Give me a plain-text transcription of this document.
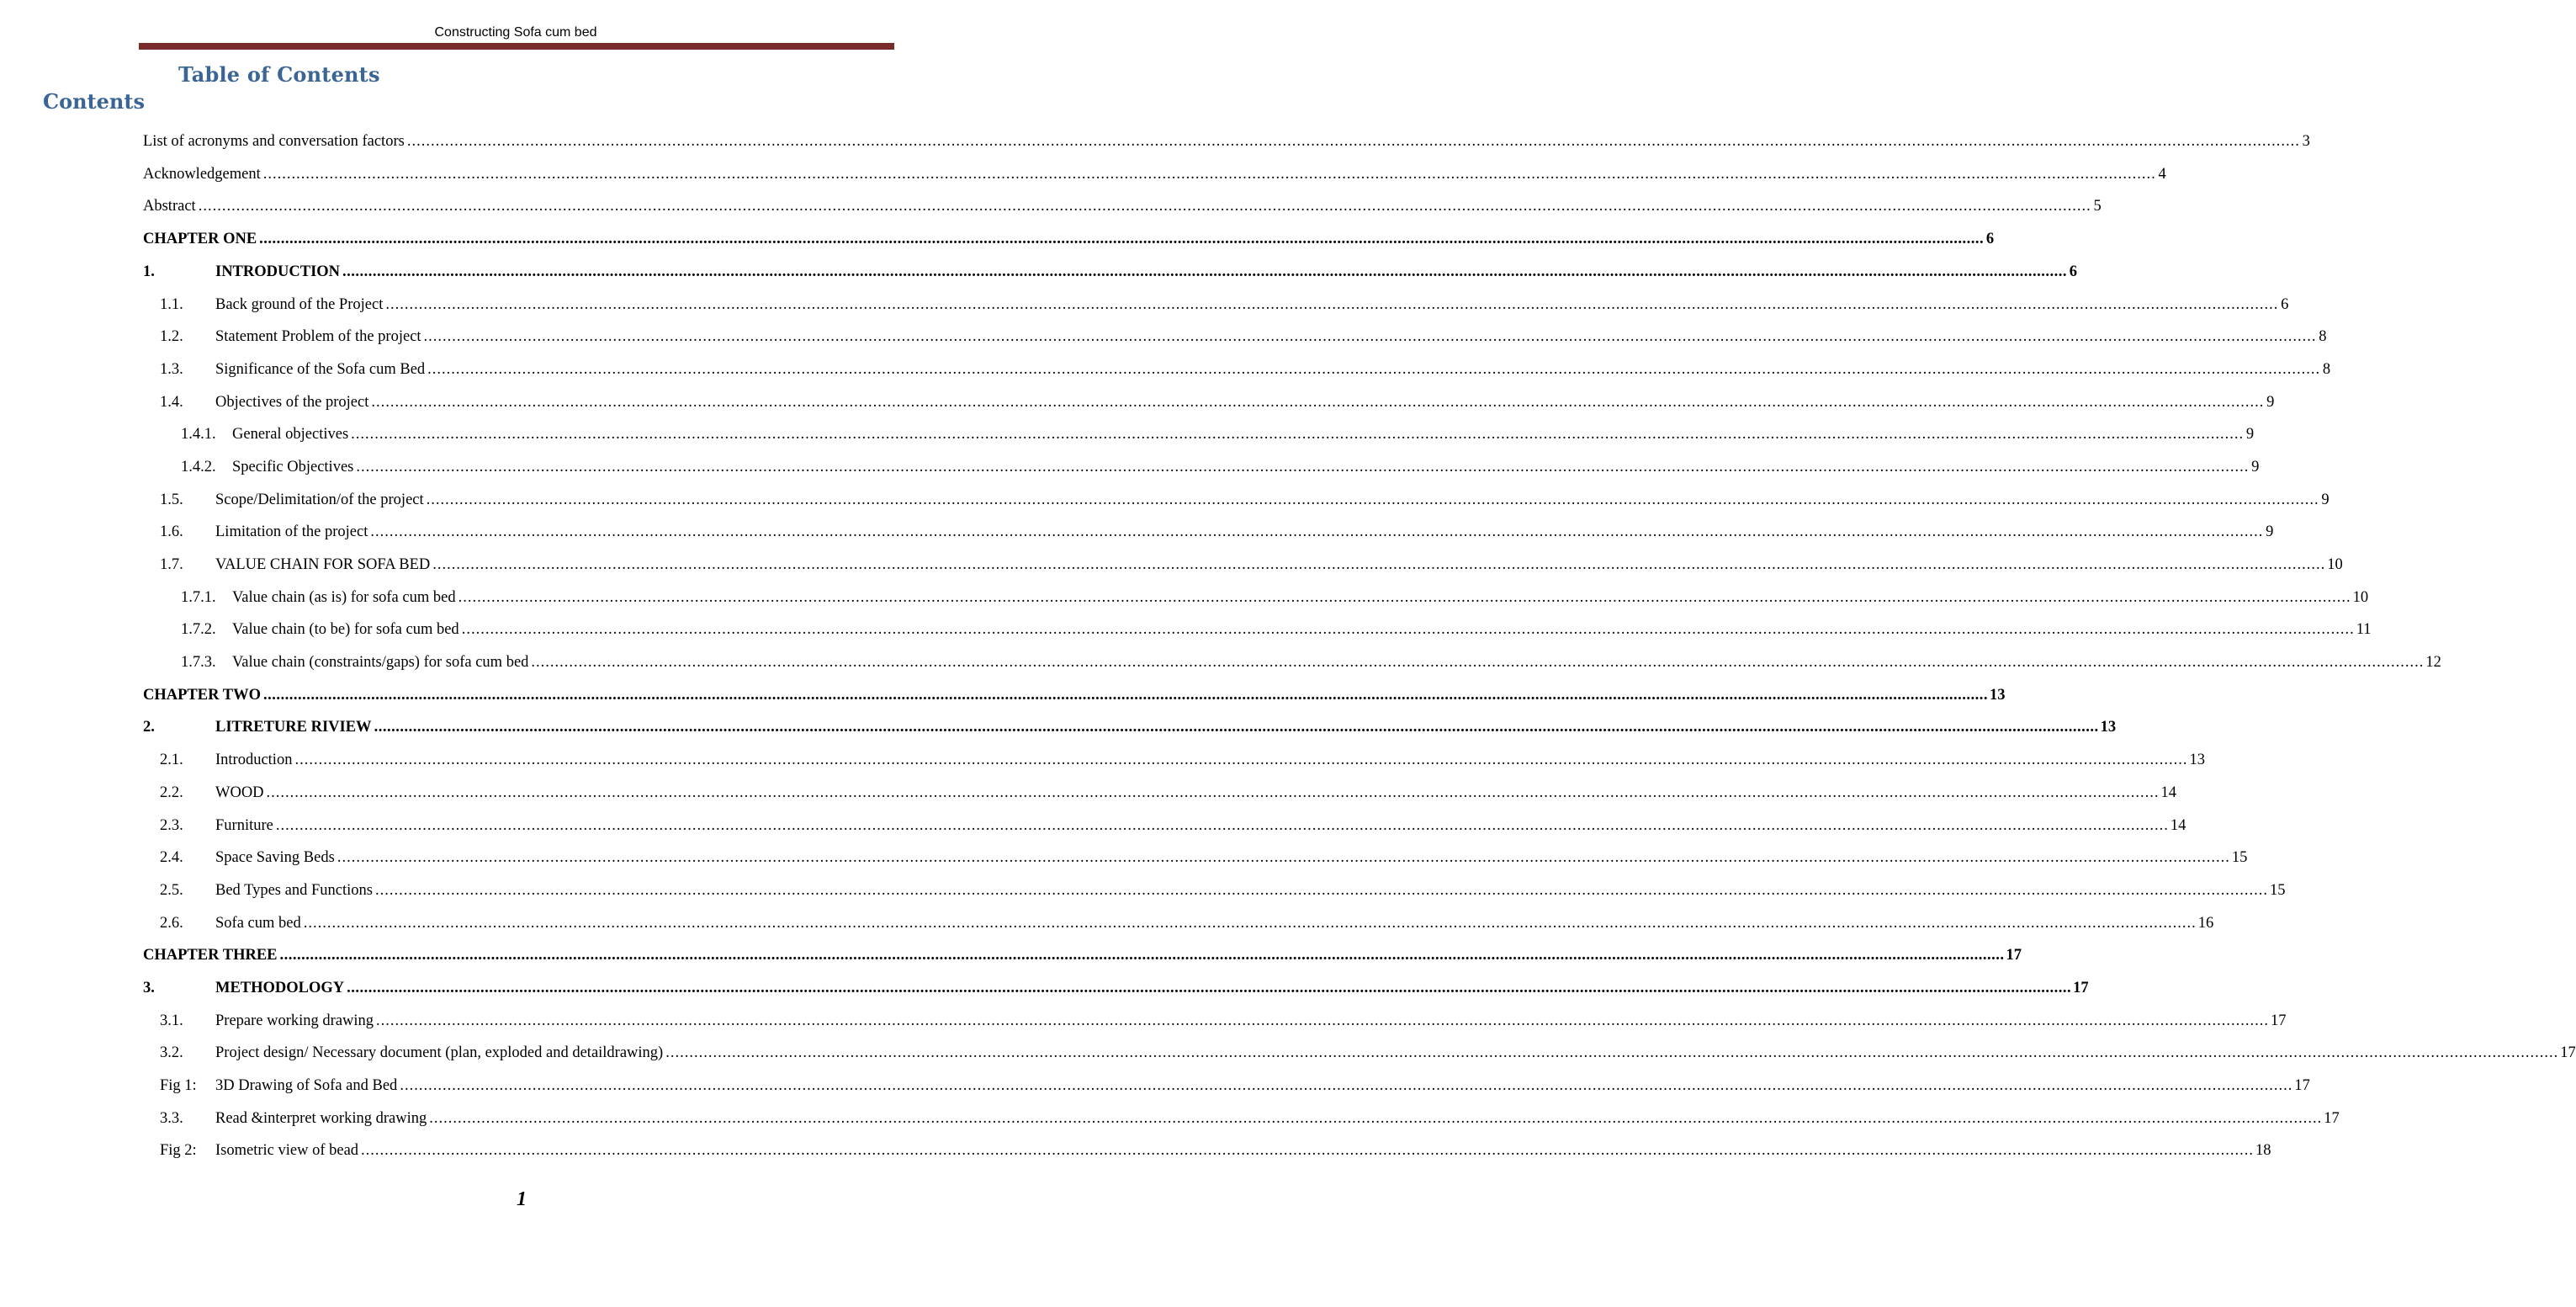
Constructing Sofa cum bed
Table of Contents
Contents
List of acronyms and conversation factors ................................................................................................................................................................................................................................................................................................................................................................................................................ 3
Acknowledgement ................................................................................................................................................................................................................................................................................................................................................................................................................ 4
Abstract ................................................................................................................................................................................................................................................................................................................................................................................................................ 5
CHAPTER ONE ................................................................................................................................................................................................................................................................................................................................................................................................................ 6
1.	INTRODUCTION ................................................................................................................................................................................................................................................................................................................................................................................................................ 6
1.1.	Back ground of the Project ................................................................................................................................................................................................................................................................................................................................................................................................................ 6
1.2.	Statement Problem of the project ................................................................................................................................................................................................................................................................................................................................................................................................................ 8
1.3.	Significance of the Sofa cum Bed ................................................................................................................................................................................................................................................................................................................................................................................................................ 8
1.4.	Objectives of the project ................................................................................................................................................................................................................................................................................................................................................................................................................ 9
1.4.1.	General objectives ................................................................................................................................................................................................................................................................................................................................................................................................................ 9
1.4.2.	Specific Objectives ................................................................................................................................................................................................................................................................................................................................................................................................................ 9
1.5.	Scope/Delimitation/of the project ................................................................................................................................................................................................................................................................................................................................................................................................................ 9
1.6.	Limitation of the project ................................................................................................................................................................................................................................................................................................................................................................................................................ 9
1.7.	VALUE CHAIN FOR SOFA BED ................................................................................................................................................................................................................................................................................................................................................................................................................ 10
1.7.1.	Value chain (as is) for sofa cum bed ................................................................................................................................................................................................................................................................................................................................................................................................................ 10
1.7.2.	Value chain (to be) for sofa cum bed ................................................................................................................................................................................................................................................................................................................................................................................................................ 11
1.7.3.	Value chain (constraints/gaps) for sofa cum bed ................................................................................................................................................................................................................................................................................................................................................................................................................ 12
CHAPTER TWO ................................................................................................................................................................................................................................................................................................................................................................................................................ 13
2.	LITRETURE RIVIEW ................................................................................................................................................................................................................................................................................................................................................................................................................ 13
2.1.	Introduction ................................................................................................................................................................................................................................................................................................................................................................................................................ 13
2.2.	WOOD ................................................................................................................................................................................................................................................................................................................................................................................................................ 14
2.3.	Furniture ................................................................................................................................................................................................................................................................................................................................................................................................................ 14
2.4.	Space Saving Beds ................................................................................................................................................................................................................................................................................................................................................................................................................ 15
2.5.	Bed Types and Functions ................................................................................................................................................................................................................................................................................................................................................................................................................ 15
2.6.	Sofa cum bed ................................................................................................................................................................................................................................................................................................................................................................................................................ 16
CHAPTER THREE ................................................................................................................................................................................................................................................................................................................................................................................................................ 17
3.	METHODOLOGY ................................................................................................................................................................................................................................................................................................................................................................................................................ 17
3.1.	Prepare working drawing ................................................................................................................................................................................................................................................................................................................................................................................................................ 17
3.2.	Project design/ Necessary document (plan, exploded and detaildrawing) ................................................................................................................................................................................................................................................................................................................................................................................................................ 17
Fig 1:	3D Drawing of Sofa and Bed ................................................................................................................................................................................................................................................................................................................................................................................................................ 17
3.3.	Read &interpret working drawing ................................................................................................................................................................................................................................................................................................................................................................................................................ 17
Fig 2:	Isometric view of bead ................................................................................................................................................................................................................................................................................................................................................................................................................ 18
1
